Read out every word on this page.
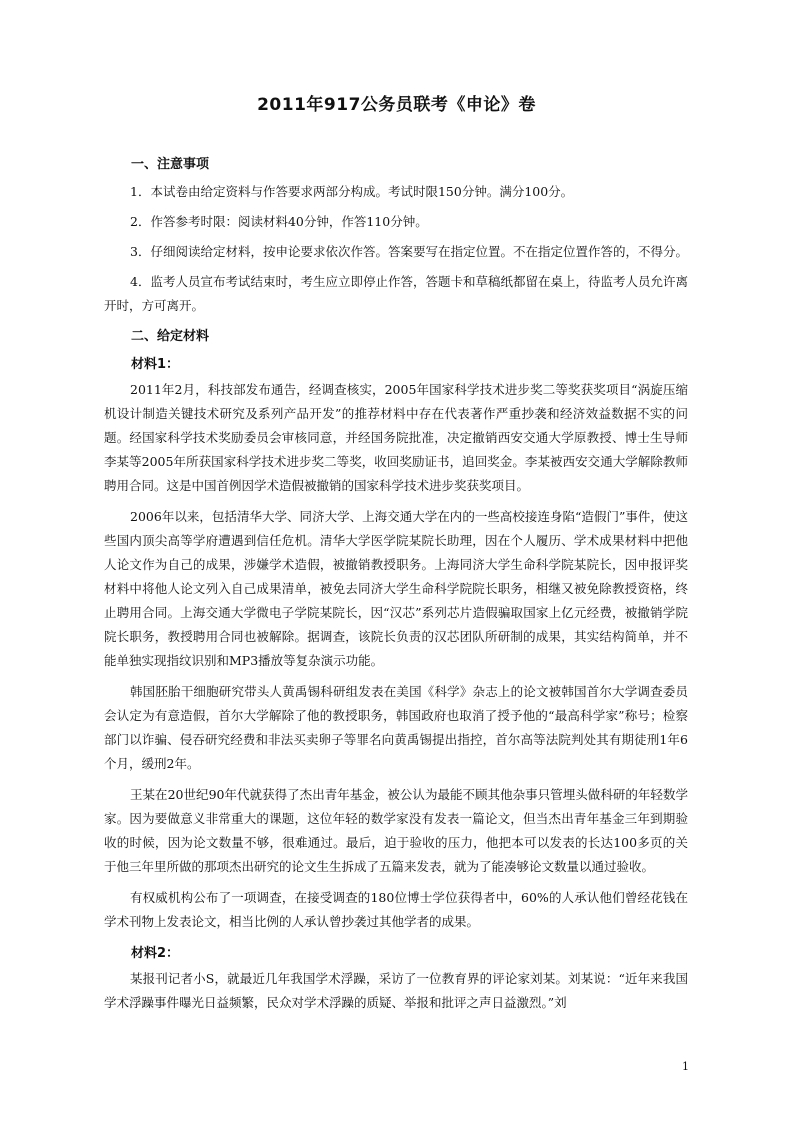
2011年917公务员联考《申论》卷
一、注意事项

1．本试卷由给定资料与作答要求两部分构成。考试时限150分钟。满分100分。

2．作答参考时限：阅读材料40分钟，作答110分钟。

3．仔细阅读给定材料，按申论要求依次作答。答案要写在指定位置。不在指定位置作答的，不得分。

4．监考人员宣布考试结束时，考生应立即停止作答，答题卡和草稿纸都留在桌上，待监考人员允许离开时，方可离开。

二、给定材料
材料1：

2011年2月，科技部发布通告，经调查核实，2005年国家科学技术进步奖二等奖获奖项目“涡旋压缩机设计制造关键技术研究及系列产品开发”的推荐材料中存在代表著作严重抄袭和经济效益数据不实的问题。经国家科学技术奖励委员会审核同意，并经国务院批准，决定撤销西安交通大学原教授、博士生导师李某等2005年所获国家科学技术进步奖二等奖，收回奖励证书，追回奖金。李某被西安交通大学解除教师聘用合同。这是中国首例因学术造假被撤销的国家科学技术进步奖获奖项目。

2006年以来，包括清华大学、同济大学、上海交通大学在内的一些高校接连身陷“造假门”事件，使这些国内顶尖高等学府遭遇到信任危机。清华大学医学院某院长助理，因在个人履历、学术成果材料中把他人论文作为自己的成果，涉嫌学术造假，被撤销教授职务。上海同济大学生命科学院某院长，因申报评奖材料中将他人论文列入自己成果清单，被免去同济大学生命科学院院长职务，相继又被免除教授资格，终止聘用合同。上海交通大学微电子学院某院长，因“汉芯”系列芯片造假骗取国家上亿元经费，被撤销学院院长职务，教授聘用合同也被解除。据调查，该院长负责的汉芯团队所研制的成果，其实结构简单，并不能单独实现指纹识别和MP3播放等复杂演示功能。

韩国胚胎干细胞研究带头人黄禹锡科研组发表在美国《科学》杂志上的论文被韩国首尔大学调查委员会认定为有意造假，首尔大学解除了他的教授职务，韩国政府也取消了授予他的“最高科学家”称号；检察部门以诈骗、侵吞研究经费和非法买卖卵子等罪名向黄禹锡提出指控，首尔高等法院判处其有期徒刑1年6个月，缓刑2年。

王某在20世纪90年代就获得了杰出青年基金，被公认为最能不顾其他杂事只管埋头做科研的年轻数学家。因为要做意义非常重大的课题，这位年轻的数学家没有发表一篇论文，但当杰出青年基金三年到期验收的时候，因为论文数量不够，很难通过。最后，迫于验收的压力，他把本可以发表的长达100多页的关于他三年里所做的那项杰出研究的论文生生拆成了五篇来发表，就为了能凑够论文数量以通过验收。

有权威机构公布了一项调查，在接受调查的180位博士学位获得者中，60%的人承认他们曾经花钱在学术刊物上发表论文，相当比例的人承认曾抄袭过其他学者的成果。

材料2：

某报刊记者小S，就最近几年我国学术浮躁，采访了一位教育界的评论家刘某。刘某说：“近年来我国学术浮躁事件曝光日益频繁，民众对学术浮躁的质疑、举报和批评之声日益激烈。”刘

1
